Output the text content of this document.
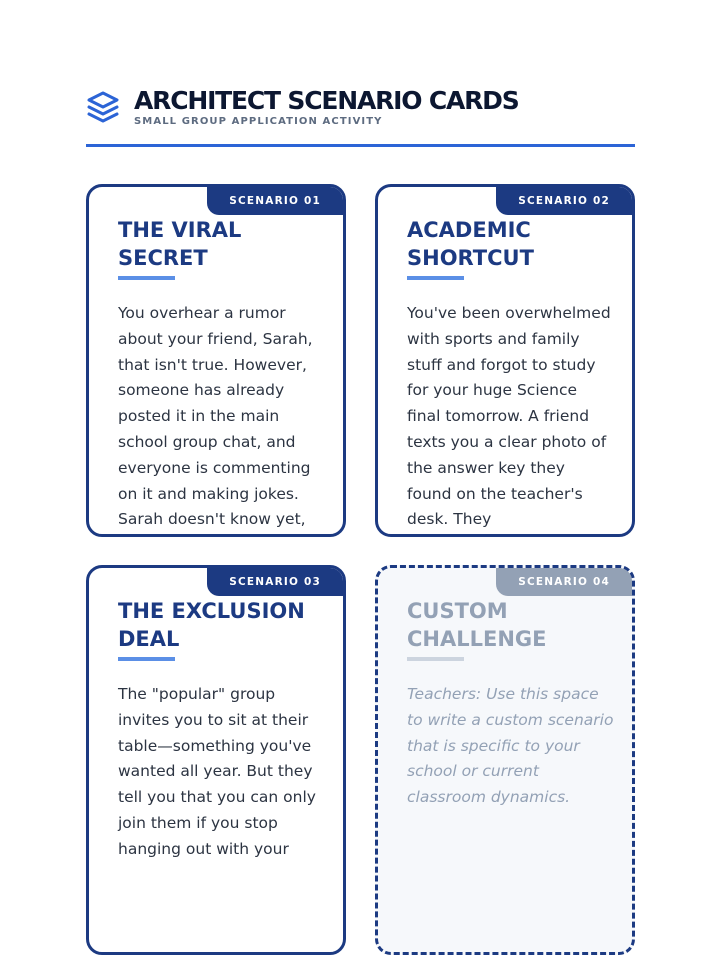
ARCHITECT SCENARIO CARDS

SMALL GROUP APPLICATION ACTIVITY

SCENARIO 01
THE VIRAL SECRET

You overhear a rumor about your friend, Sarah, that isn't true. However, someone has already posted it in the main school group chat, and everyone is commenting on it and making jokes. Sarah doesn't know yet,

SCENARIO 02
ACADEMIC SHORTCUT

You've been overwhelmed with sports and family stuff and forgot to study for your huge Science final tomorrow. A friend texts you a clear photo of the answer key they found on the teacher's desk. They

SCENARIO 03
THE EXCLUSION DEAL

The "popular" group invites you to sit at their table—something you've wanted all year. But they tell you that you can only join them if you stop hanging out with your

SCENARIO 04
CUSTOM CHALLENGE

Teachers: Use this space to write a custom scenario that is specific to your school or current classroom dynamics.
